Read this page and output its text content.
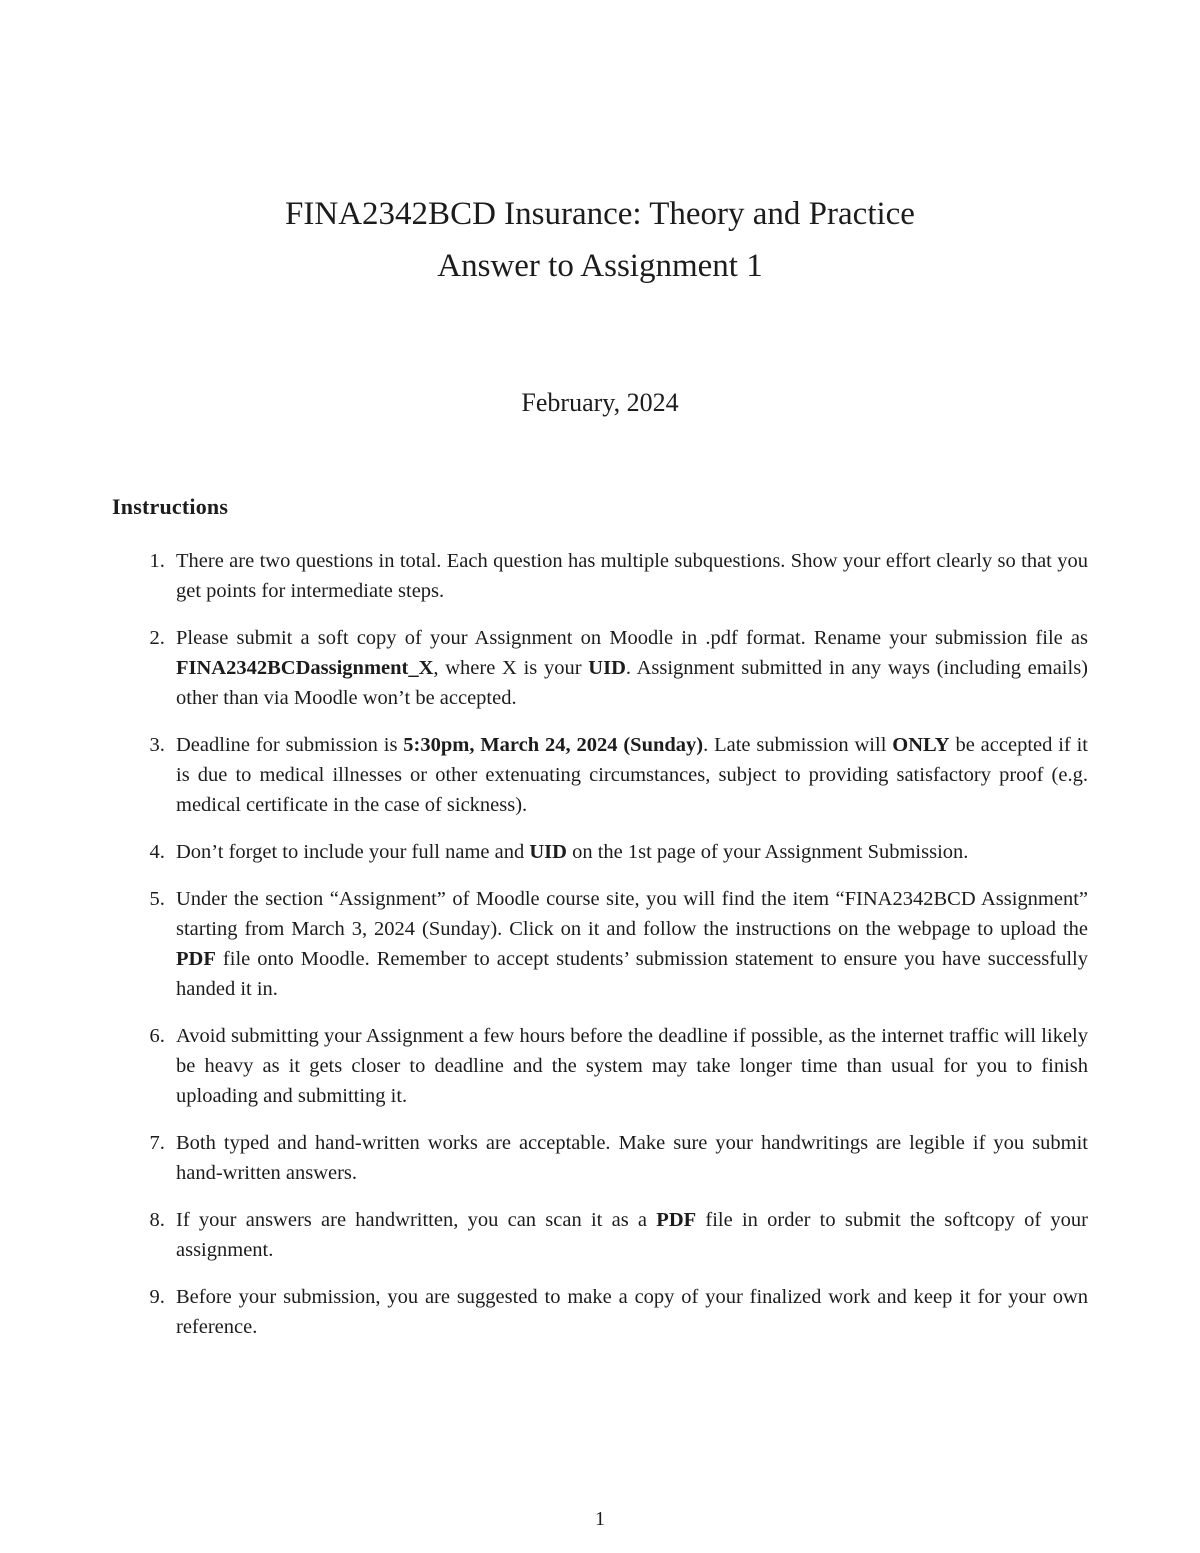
FINA2342BCD Insurance: Theory and Practice
Answer to Assignment 1
February, 2024
Instructions
1. There are two questions in total. Each question has multiple subquestions. Show your effort clearly so that you get points for intermediate steps.
2. Please submit a soft copy of your Assignment on Moodle in .pdf format. Rename your submission file as FINA2342BCDassignment_X, where X is your UID. Assignment submitted in any ways (including emails) other than via Moodle won’t be accepted.
3. Deadline for submission is 5:30pm, March 24, 2024 (Sunday). Late submission will ONLY be accepted if it is due to medical illnesses or other extenuating circumstances, subject to providing satisfactory proof (e.g. medical certificate in the case of sickness).
4. Don’t forget to include your full name and UID on the 1st page of your Assignment Submission.
5. Under the section “Assignment” of Moodle course site, you will find the item “FINA2342BCD Assignment” starting from March 3, 2024 (Sunday). Click on it and follow the instructions on the webpage to upload the PDF file onto Moodle. Remember to accept students’ submission statement to ensure you have successfully handed it in.
6. Avoid submitting your Assignment a few hours before the deadline if possible, as the internet traffic will likely be heavy as it gets closer to deadline and the system may take longer time than usual for you to finish uploading and submitting it.
7. Both typed and hand-written works are acceptable. Make sure your handwritings are legible if you submit hand-written answers.
8. If your answers are handwritten, you can scan it as a PDF file in order to submit the softcopy of your assignment.
9. Before your submission, you are suggested to make a copy of your finalized work and keep it for your own reference.
1
